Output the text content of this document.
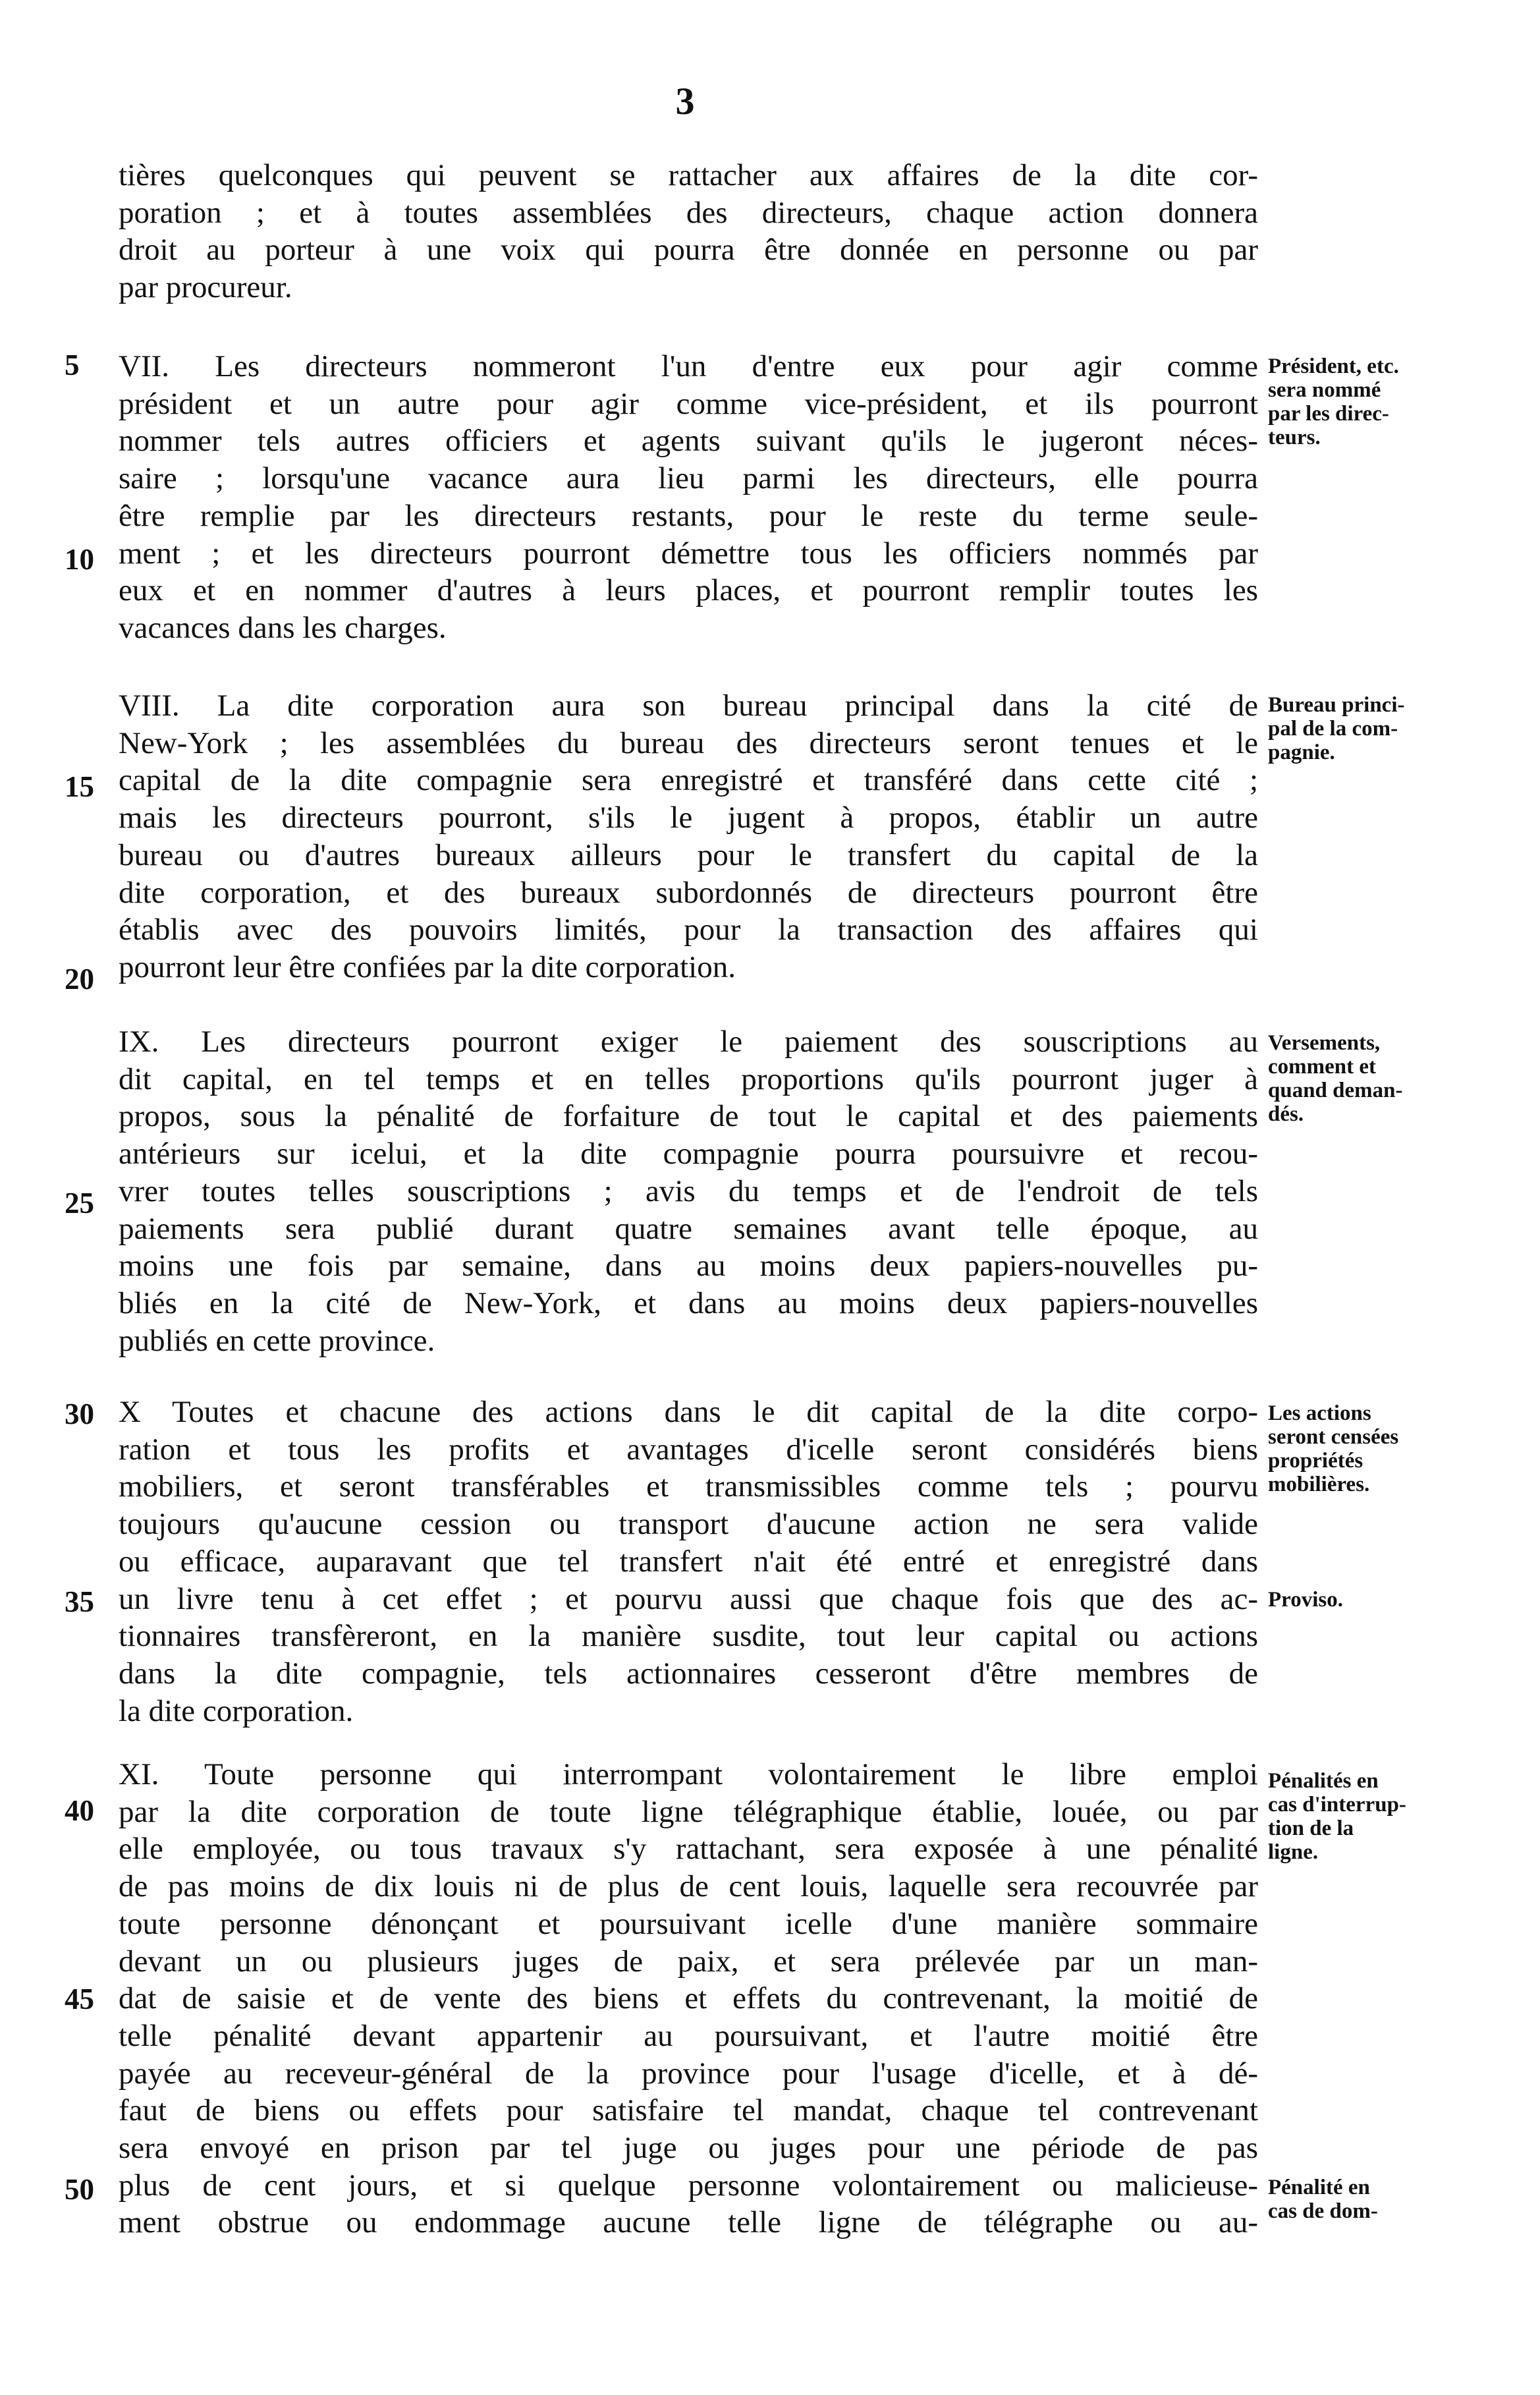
3
5
10
15
20
25
30
35
40
45
50

tières quelconques qui peuvent se rattacher aux affaires de la dite cor-
poration ; et à toutes assemblées des directeurs, chaque action donnera
droit au porteur à une voix qui pourra être donnée en personne ou par
par procureur.

VII. Les directeurs nommeront l'un d'entre eux pour agir comme
président et un autre pour agir comme vice-président, et ils pourront
nommer tels autres officiers et agents suivant qu'ils le jugeront néces-
saire ; lorsqu'une vacance aura lieu parmi les directeurs, elle pourra
être remplie par les directeurs restants, pour le reste du terme seule-
ment ; et les directeurs pourront démettre tous les officiers nommés par
eux et en nommer d'autres à leurs places, et pourront remplir toutes les
vacances dans les charges.

VIII. La dite corporation aura son bureau principal dans la cité de
New-York ; les assemblées du bureau des directeurs seront tenues et le
capital de la dite compagnie sera enregistré et transféré dans cette cité ;
mais les directeurs pourront, s'ils le jugent à propos, établir un autre
bureau ou d'autres bureaux ailleurs pour le transfert du capital de la
dite corporation, et des bureaux subordonnés de directeurs pourront être
établis avec des pouvoirs limités, pour la transaction des affaires qui
pourront leur être confiées par la dite corporation.

IX. Les directeurs pourront exiger le paiement des souscriptions au
dit capital, en tel temps et en telles proportions qu'ils pourront juger à
propos, sous la pénalité de forfaiture de tout le capital et des paiements
antérieurs sur icelui, et la dite compagnie pourra poursuivre et recou-
vrer toutes telles souscriptions ; avis du temps et de l'endroit de tels
paiements sera publié durant quatre semaines avant telle époque, au
moins une fois par semaine, dans au moins deux papiers-nouvelles pu-
bliés en la cité de New-York, et dans au moins deux papiers-nouvelles
publiés en cette province.

X Toutes et chacune des actions dans le dit capital de la dite corpo-
ration et tous les profits et avantages d'icelle seront considérés biens
mobiliers, et seront transférables et transmissibles comme tels ; pourvu
toujours qu'aucune cession ou transport d'aucune action ne sera valide
ou efficace, auparavant que tel transfert n'ait été entré et enregistré dans
un livre tenu à cet effet ; et pourvu aussi que chaque fois que des ac-
tionnaires transfèreront, en la manière susdite, tout leur capital ou actions
dans la dite compagnie, tels actionnaires cesseront d'être membres de
la dite corporation.

XI. Toute personne qui interrompant volontairement le libre emploi
par la dite corporation de toute ligne télégraphique établie, louée, ou par
elle employée, ou tous travaux s'y rattachant, sera exposée à une pénalité
de pas moins de dix louis ni de plus de cent louis, laquelle sera recouvrée par
toute personne dénonçant et poursuivant icelle d'une manière sommaire
devant un ou plusieurs juges de paix, et sera prélevée par un man-
dat de saisie et de vente des biens et effets du contrevenant, la moitié de
telle pénalité devant appartenir au poursuivant, et l'autre moitié être
payée au receveur-général de la province pour l'usage d'icelle, et à dé-
faut de biens ou effets pour satisfaire tel mandat, chaque tel contrevenant
sera envoyé en prison par tel juge ou juges pour une période de pas
plus de cent jours, et si quelque personne volontairement ou malicieuse-
ment obstrue ou endommage aucune telle ligne de télégraphe ou au-

Président, etc.
sera nommé
par les direc-
teurs.
Bureau princi-
pal de la com-
pagnie.
Versements,
comment et
quand deman-
dés.
Les actions
seront censées
propriétés
mobilières.
Proviso.
Pénalités en
cas d'interrup-
tion de la
ligne.
Pénalité en
cas de dom-
